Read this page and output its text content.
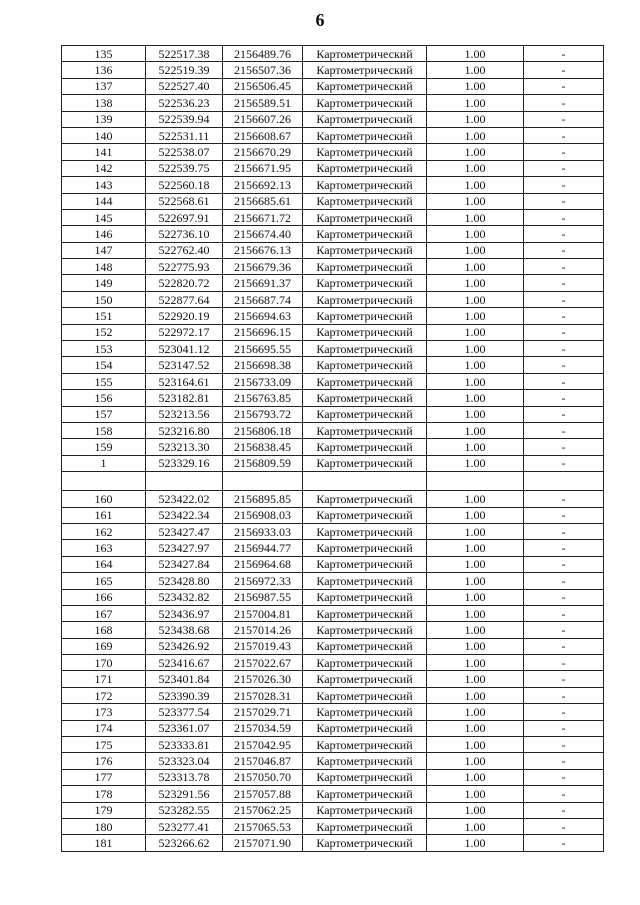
6
135	522517.38	2156489.76	Картометрический	1.00	-
136	522519.39	2156507.36	Картометрический	1.00	-
137	522527.40	2156506.45	Картометрический	1.00	-
138	522536.23	2156589.51	Картометрический	1.00	-
139	522539.94	2156607.26	Картометрический	1.00	-
140	522531.11	2156608.67	Картометрический	1.00	-
141	522538.07	2156670.29	Картометрический	1.00	-
142	522539.75	2156671.95	Картометрический	1.00	-
143	522560.18	2156692.13	Картометрический	1.00	-
144	522568.61	2156685.61	Картометрический	1.00	-
145	522697.91	2156671.72	Картометрический	1.00	-
146	522736.10	2156674.40	Картометрический	1.00	-
147	522762.40	2156676.13	Картометрический	1.00	-
148	522775.93	2156679.36	Картометрический	1.00	-
149	522820.72	2156691.37	Картометрический	1.00	-
150	522877.64	2156687.74	Картометрический	1.00	-
151	522920.19	2156694.63	Картометрический	1.00	-
152	522972.17	2156696.15	Картометрический	1.00	-
153	523041.12	2156695.55	Картометрический	1.00	-
154	523147.52	2156698.38	Картометрический	1.00	-
155	523164.61	2156733.09	Картометрический	1.00	-
156	523182.81	2156763.85	Картометрический	1.00	-
157	523213.56	2156793.72	Картометрический	1.00	-
158	523216.80	2156806.18	Картометрический	1.00	-
159	523213.30	2156838.45	Картометрический	1.00	-
1	523329.16	2156809.59	Картометрический	1.00	-

160	523422.02	2156895.85	Картометрический	1.00	-
161	523422.34	2156908.03	Картометрический	1.00	-
162	523427.47	2156933.03	Картометрический	1.00	-
163	523427.97	2156944.77	Картометрический	1.00	-
164	523427.84	2156964.68	Картометрический	1.00	-
165	523428.80	2156972.33	Картометрический	1.00	-
166	523432.82	2156987.55	Картометрический	1.00	-
167	523436.97	2157004.81	Картометрический	1.00	-
168	523438.68	2157014.26	Картометрический	1.00	-
169	523426.92	2157019.43	Картометрический	1.00	-
170	523416.67	2157022.67	Картометрический	1.00	-
171	523401.84	2157026.30	Картометрический	1.00	-
172	523390.39	2157028.31	Картометрический	1.00	-
173	523377.54	2157029.71	Картометрический	1.00	-
174	523361.07	2157034.59	Картометрический	1.00	-
175	523333.81	2157042.95	Картометрический	1.00	-
176	523323.04	2157046.87	Картометрический	1.00	-
177	523313.78	2157050.70	Картометрический	1.00	-
178	523291.56	2157057.88	Картометрический	1.00	-
179	523282.55	2157062.25	Картометрический	1.00	-
180	523277.41	2157065.53	Картометрический	1.00	-
181	523266.62	2157071.90	Картометрический	1.00	-
